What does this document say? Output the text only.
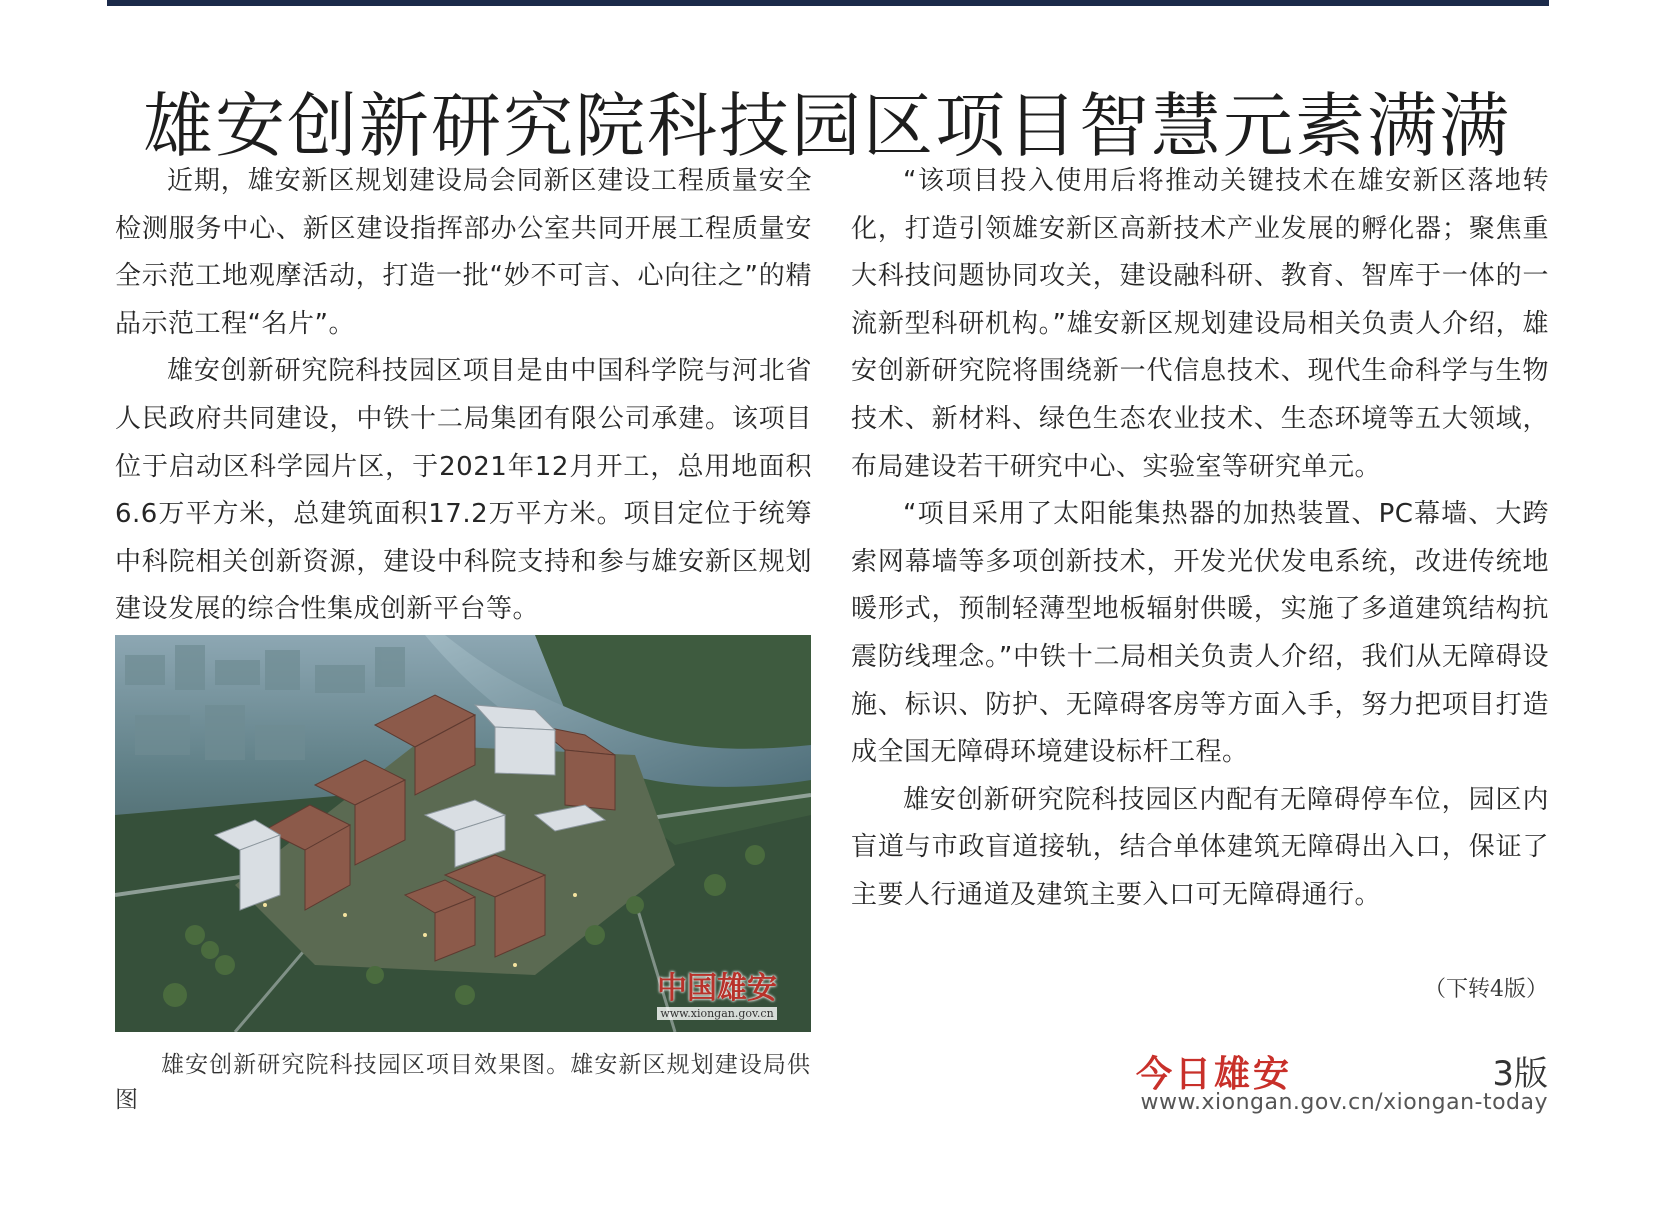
雄安创新研究院科技园区项目智慧元素满满

近期，雄安新区规划建设局会同新区建设工程质量安全检测服务中心、新区建设指挥部办公室共同开展工程质量安全示范工地观摩活动，打造一批“妙不可言、心向往之”的精品示范工程“名片”。

雄安创新研究院科技园区项目是由中国科学院与河北省人民政府共同建设，中铁十二局集团有限公司承建。该项目位于启动区科学园片区，于2021年12月开工，总用地面积6.6万平方米，总建筑面积17.2万平方米。项目定位于统筹中科院相关创新资源，建设中科院支持和参与雄安新区规划建设发展的综合性集成创新平台等。

中国雄安
www.xiongan.gov.cn
雄安创新研究院科技园区项目效果图。雄安新区规划建设局供图

“该项目投入使用后将推动关键技术在雄安新区落地转化，打造引领雄安新区高新技术产业发展的孵化器；聚焦重大科技问题协同攻关，建设融科研、教育、智库于一体的一流新型科研机构。”雄安新区规划建设局相关负责人介绍，雄安创新研究院将围绕新一代信息技术、现代生命科学与生物技术、新材料、绿色生态农业技术、生态环境等五大领域，布局建设若干研究中心、实验室等研究单元。

“项目采用了太阳能集热器的加热装置、PC幕墙、大跨索网幕墙等多项创新技术，开发光伏发电系统，改进传统地暖形式，预制轻薄型地板辐射供暖，实施了多道建筑结构抗震防线理念。”中铁十二局相关负责人介绍，我们从无障碍设施、标识、防护、无障碍客房等方面入手，努力把项目打造成全国无障碍环境建设标杆工程。

雄安创新研究院科技园区内配有无障碍停车位，园区内盲道与市政盲道接轨，结合单体建筑无障碍出入口，保证了主要人行通道及建筑主要入口可无障碍通行。

（下转4版）
今日雄安	3版
www.xiongan.gov.cn/xiongan-today
